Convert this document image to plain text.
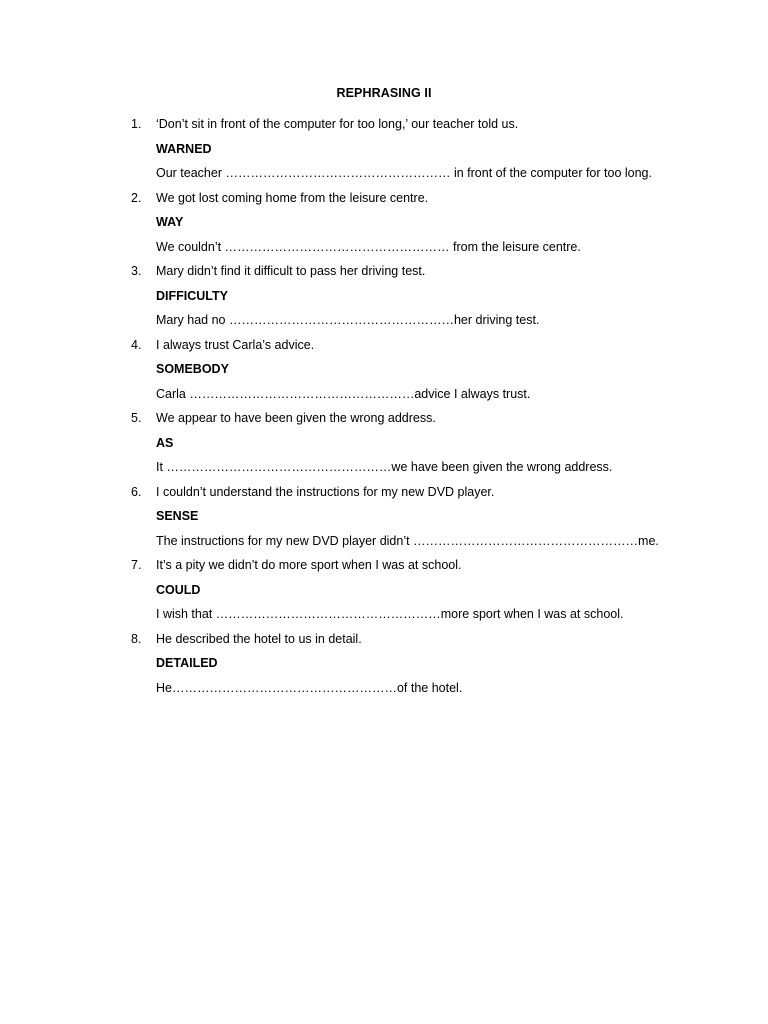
REPHRASING II
1. ‘Don’t sit in front of the computer for too long,’ our teacher told us.
WARNED
Our teacher ……………………………………………… in front of the computer for too long.
2. We got lost coming home from the leisure centre.
WAY
We couldn’t ……………………………………………… from the leisure centre.
3. Mary didn’t find it difficult to pass her driving test.
DIFFICULTY
Mary had no ………………………………………………her driving test.
4. I always trust Carla’s advice.
SOMEBODY
Carla ………………………………………………advice I always trust.
5. We appear to have been given the wrong address.
AS
It ………………………………………………we have been given the wrong address.
6. I couldn’t understand the instructions for my new DVD player.
SENSE
The instructions for my new DVD player didn’t ………………………………………………me.
7. It’s a pity we didn’t do more sport when I was at school.
COULD
I wish that ………………………………………………more sport when I was at school.
8. He described the hotel to us in detail.
DETAILED
He………………………………………………of the hotel.
